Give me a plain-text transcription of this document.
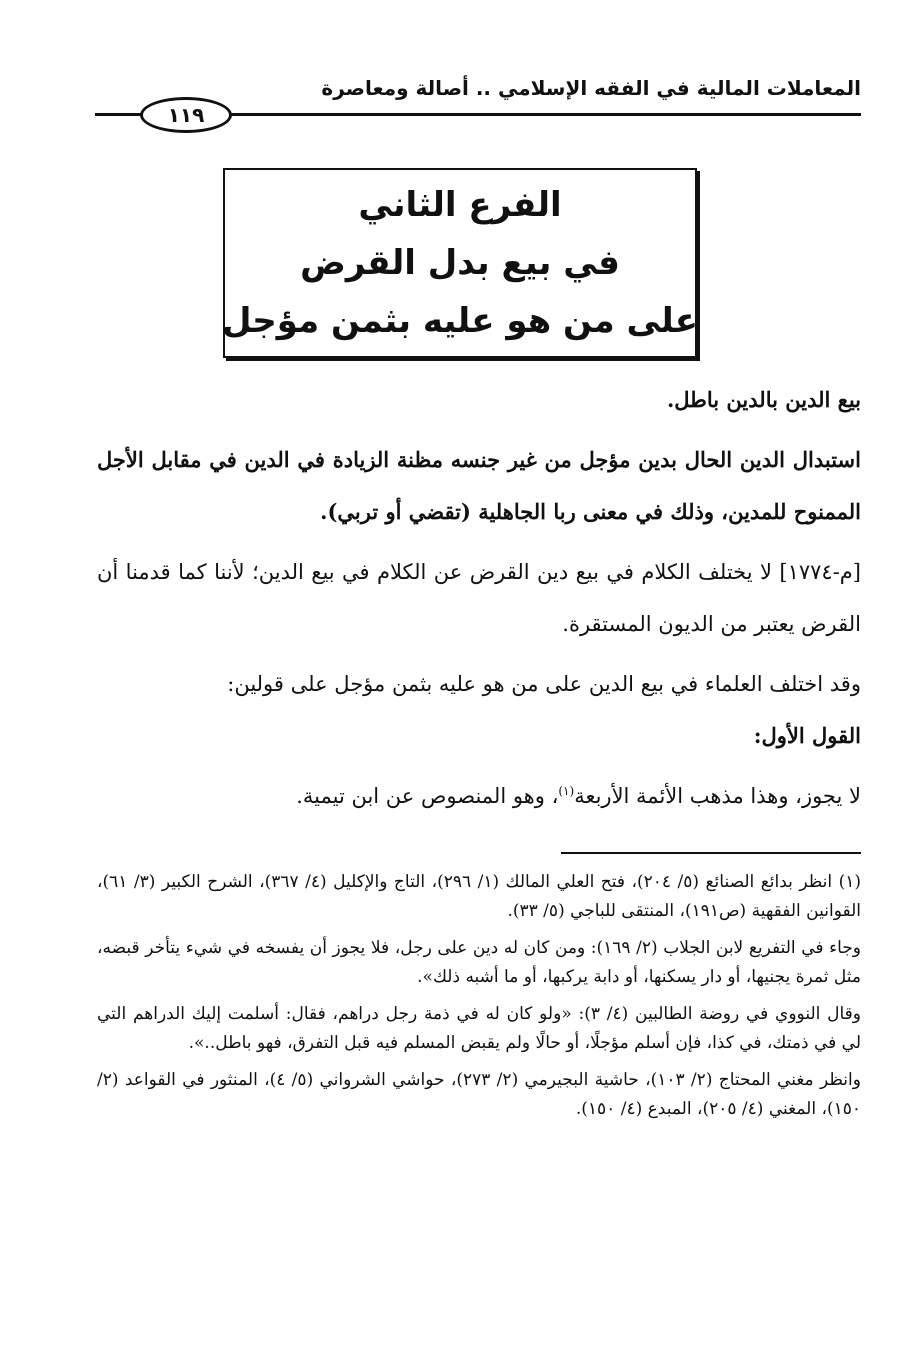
المعاملات المالية في الفقه الإسلامي .. أصالة ومعاصرة
١١٩
الفرع الثاني
في بيع بدل القرض
على من هو عليه بثمن مؤجل

بيع الدين بالدين باطل.

استبدال الدين الحال بدين مؤجل من غير جنسه مظنة الزيادة في الدين في مقابل الأجل الممنوح للمدين، وذلك في معنى ربا الجاهلية (تقضي أو تربي).

[م-١٧٧٤] لا يختلف الكلام في بيع دين القرض عن الكلام في بيع الدين؛ لأننا كما قدمنا أن القرض يعتبر من الديون المستقرة.

وقد اختلف العلماء في بيع الدين على من هو عليه بثمن مؤجل على قولين:

القول الأول:

لا يجوز، وهذا مذهب الأئمة الأربعة$^{(١)}$، وهو المنصوص عن ابن تيمية.

(١) انظر بدائع الصنائع (٥/ ٢٠٤)، فتح العلي المالك (١/ ٢٩٦)، التاج والإكليل (٤/ ٣٦٧)، الشرح الكبير (٣/ ٦١)، القوانين الفقهية (ص١٩١)، المنتقى للباجي (٥/ ٣٣).

وجاء في التفريع لابن الجلاب (٢/ ١٦٩): ومن كان له دين على رجل، فلا يجوز أن يفسخه في شيء يتأخر قبضه، مثل ثمرة يجنيها، أو دار يسكنها، أو دابة يركبها، أو ما أشبه ذلك».

وقال النووي في روضة الطالبين (٤/ ٣): «ولو كان له في ذمة رجل دراهم، فقال: أسلمت إليك الدراهم التي لي في ذمتك، في كذا، فإن أسلم مؤجلًا، أو حالًا ولم يقبض المسلم فيه قبل التفرق، فهو باطل..».

وانظر مغني المحتاج (٢/ ١٠٣)، حاشية البجيرمي (٢/ ٢٧٣)، حواشي الشرواني (٥/ ٤)، المنثور في القواعد (٢/ ١٥٠)، المغني (٤/ ٢٠٥)، المبدع (٤/ ١٥٠).
